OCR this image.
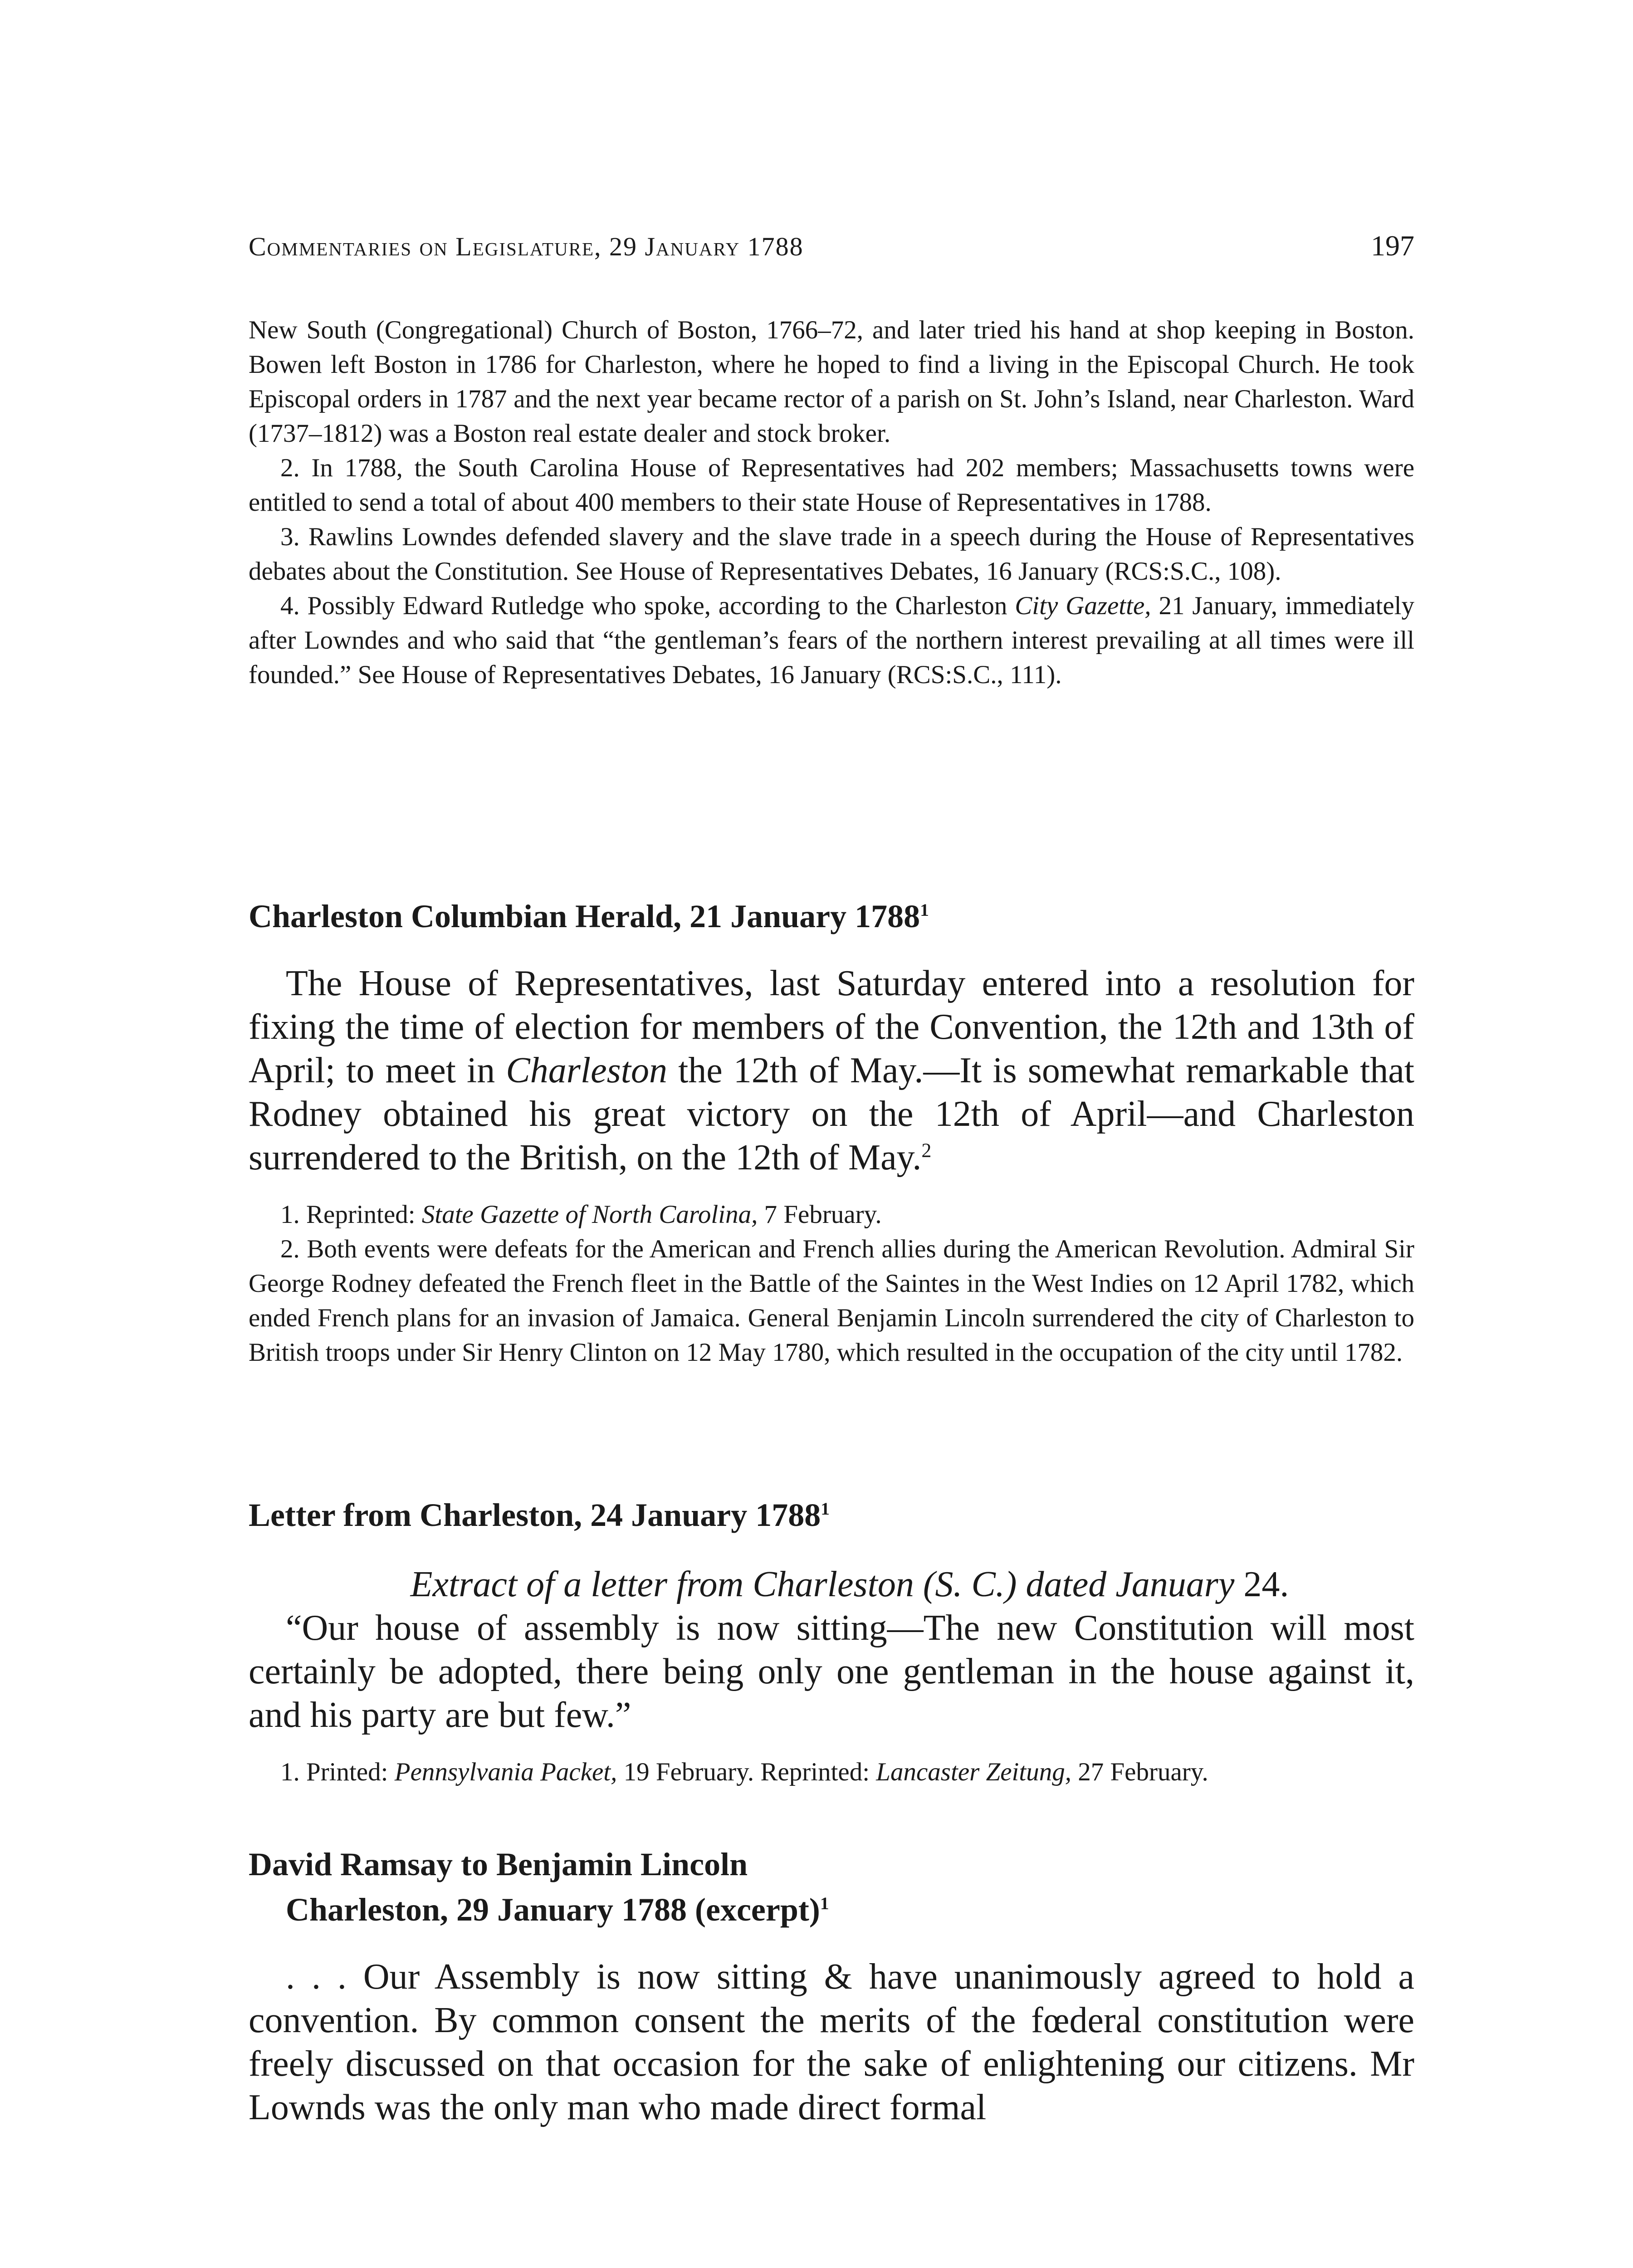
Commentaries on Legislature, 29 January 1788	197

New South (Congregational) Church of Boston, 1766–72, and later tried his hand at shop keeping in Boston. Bowen left Boston in 1786 for Charleston, where he hoped to find a living in the Episcopal Church. He took Episcopal orders in 1787 and the next year became rector of a parish on St. John’s Island, near Charleston. Ward (1737–1812) was a Boston real estate dealer and stock broker.

2. In 1788, the South Carolina House of Representatives had 202 members; Massachusetts towns were entitled to send a total of about 400 members to their state House of Representatives in 1788.

3. Rawlins Lowndes defended slavery and the slave trade in a speech during the House of Representatives debates about the Constitution. See House of Representatives Debates, 16 January (RCS:S.C., 108).

4. Possibly Edward Rutledge who spoke, according to the Charleston City Gazette, 21 January, immediately after Lowndes and who said that “the gentleman’s fears of the northern interest prevailing at all times were ill founded.” See House of Representatives Debates, 16 January (RCS:S.C., 111).

Charleston Columbian Herald, 21 January 1788$^1$

The House of Representatives, last Saturday entered into a resolution for fixing the time of election for members of the Convention, the 12th and 13th of April; to meet in Charleston the 12th of May.—It is somewhat remarkable that Rodney obtained his great victory on the 12th of April—and Charleston surrendered to the British, on the 12th of May.$^2$

1. Reprinted: State Gazette of North Carolina, 7 February.

2. Both events were defeats for the American and French allies during the American Revolution. Admiral Sir George Rodney defeated the French fleet in the Battle of the Saintes in the West Indies on 12 April 1782, which ended French plans for an invasion of Jamaica. General Benjamin Lincoln surrendered the city of Charleston to British troops under Sir Henry Clinton on 12 May 1780, which resulted in the occupation of the city until 1782.

Letter from Charleston, 24 January 1788$^1$

Extract of a letter from Charleston (S. C.) dated January 24.

“Our house of assembly is now sitting—The new Constitution will most certainly be adopted, there being only one gentleman in the house against it, and his party are but few.”

1. Printed: Pennsylvania Packet, 19 February. Reprinted: Lancaster Zeitung, 27 February.

David Ramsay to Benjamin Lincoln

Charleston, 29 January 1788 (excerpt)$^1$

. . . Our Assembly is now sitting & have unanimously agreed to hold a convention. By common consent the merits of the fœderal constitution were freely discussed on that occasion for the sake of enlightening our citizens. Mr Lownds was the only man who made direct formal
